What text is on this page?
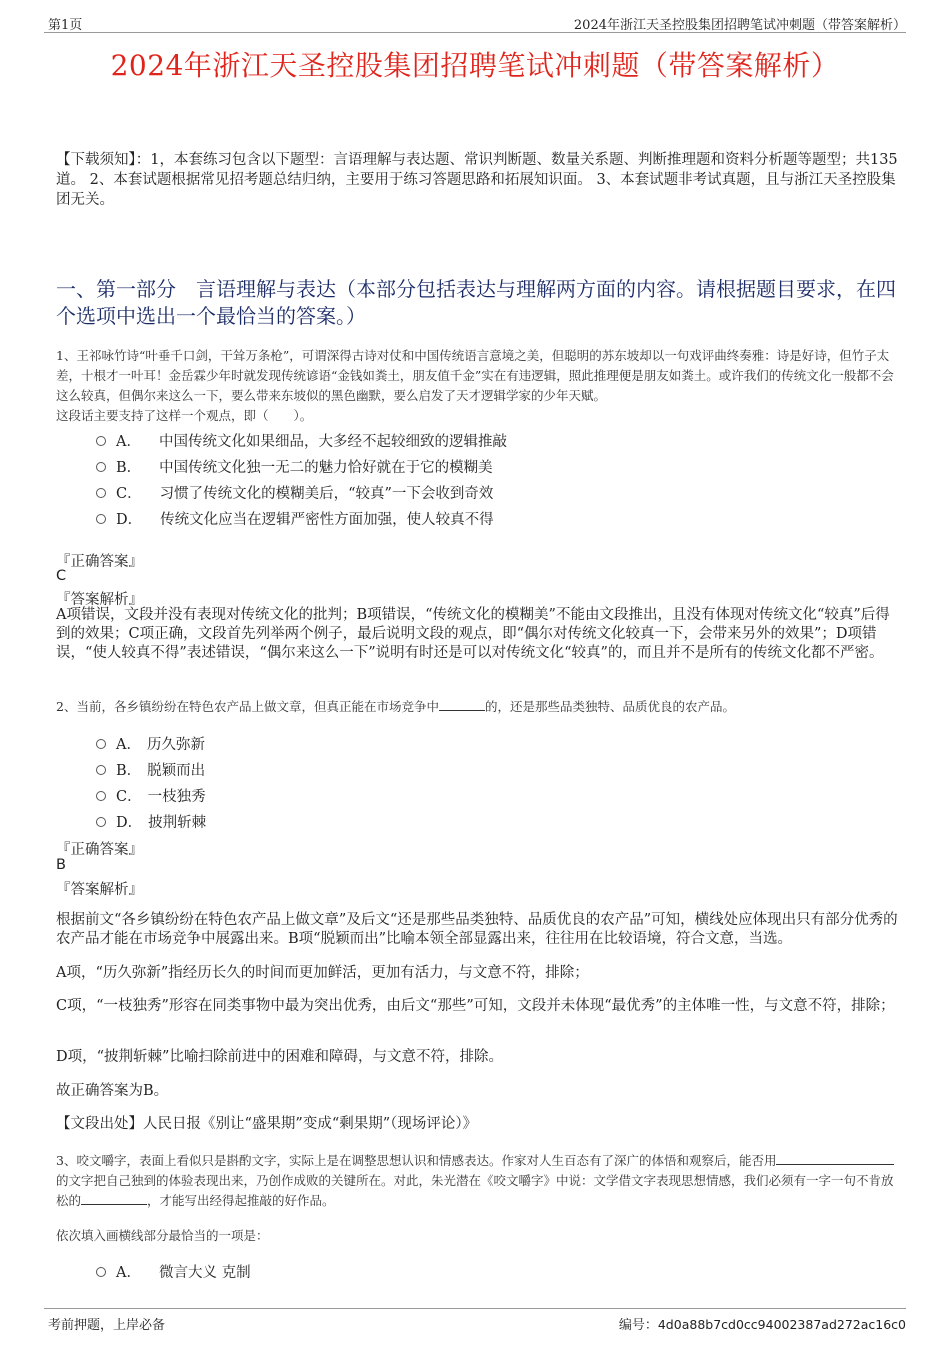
第1页	2024年浙江天圣控股集团招聘笔试冲刺题（带答案解析）
2024年浙江天圣控股集团招聘笔试冲刺题（带答案解析）
【下载须知】：1，本套练习包含以下题型：言语理解与表达题、常识判断题、数量关系题、判断推理题和资料分析题等题型；共135道。 2、本套试题根据常见招考题总结归纳，主要用于练习答题思路和拓展知识面。 3、本套试题非考试真题，且与浙江天圣控股集团无关。
一、第一部分　言语理解与表达（本部分包括表达与理解两方面的内容。请根据题目要求，在四个选项中选出一个最恰当的答案。）
1、王祁咏竹诗“叶垂千口剑，干耸万条枪”，可谓深得古诗对仗和中国传统语言意境之美，但聪明的苏东坡却以一句戏评曲终奏雅：诗是好诗，但竹子太差，十根才一叶耳！金岳霖少年时就发现传统谚语“金钱如粪土，朋友值千金”实在有违逻辑，照此推理便是朋友如粪土。或许我们的传统文化一般都不会这么较真，但偶尔来这么一下，要么带来东坡似的黑色幽默，要么启发了天才逻辑学家的少年天赋。
这段话主要支持了这样一个观点，即（　　）。
A． 中国传统文化如果细品，大多经不起较细致的逻辑推敲
B． 中国传统文化独一无二的魅力恰好就在于它的模糊美
C． 习惯了传统文化的模糊美后，“较真”一下会收到奇效
D． 传统文化应当在逻辑严密性方面加强，使人较真不得
『正确答案』
C
『答案解析』
A项错误，文段并没有表现对传统文化的批判；B项错误，“传统文化的模糊美”不能由文段推出，且没有体现对传统文化“较真”后得到的效果；C项正确，文段首先列举两个例子，最后说明文段的观点，即“偶尔对传统文化较真一下，会带来另外的效果”；D项错误，“使人较真不得”表述错误，“偶尔来这么一下”说明有时还是可以对传统文化“较真”的，而且并不是所有的传统文化都不严密。
2、当前，各乡镇纷纷在特色农产品上做文章，但真正能在市场竞争中	的，还是那些品类独特、品质优良的农产品。
A． 历久弥新
B． 脱颖而出
C． 一枝独秀
D． 披荆斩棘
『正确答案』
B
『答案解析』
根据前文“各乡镇纷纷在特色农产品上做文章”及后文“还是那些品类独特、品质优良的农产品”可知，横线处应体现出只有部分优秀的农产品才能在市场竞争中展露出来。B项“脱颖而出”比喻本领全部显露出来，往往用在比较语境，符合文意，当选。
A项，“历久弥新”指经历长久的时间而更加鲜活，更加有活力，与文意不符，排除；
C项，“一枝独秀”形容在同类事物中最为突出优秀，由后文“那些”可知，文段并未体现“最优秀”的主体唯一性，与文意不符，排除；
D项，“披荆斩棘”比喻扫除前进中的困难和障碍，与文意不符，排除。
故正确答案为B。
【文段出处】人民日报《别让“盛果期”变成“剩果期”（现场评论）》
3、咬文嚼字，表面上看似只是斟酌文字，实际上是在调整思想认识和情感表达。作家对人生百态有了深广的体悟和观察后，能否用的文字把自己独到的体验表现出来，乃创作成败的关键所在。对此，朱光潜在《咬文嚼字》中说：文学借文字表现思想情感，我们必须有一字一句不肯放松的	，才能写出经得起推敲的好作品。
依次填入画横线部分最恰当的一项是：
A． 微言大义 克制
考前押题，上岸必备	编号：4d0a88b7cd0cc94002387ad272ac16c0
